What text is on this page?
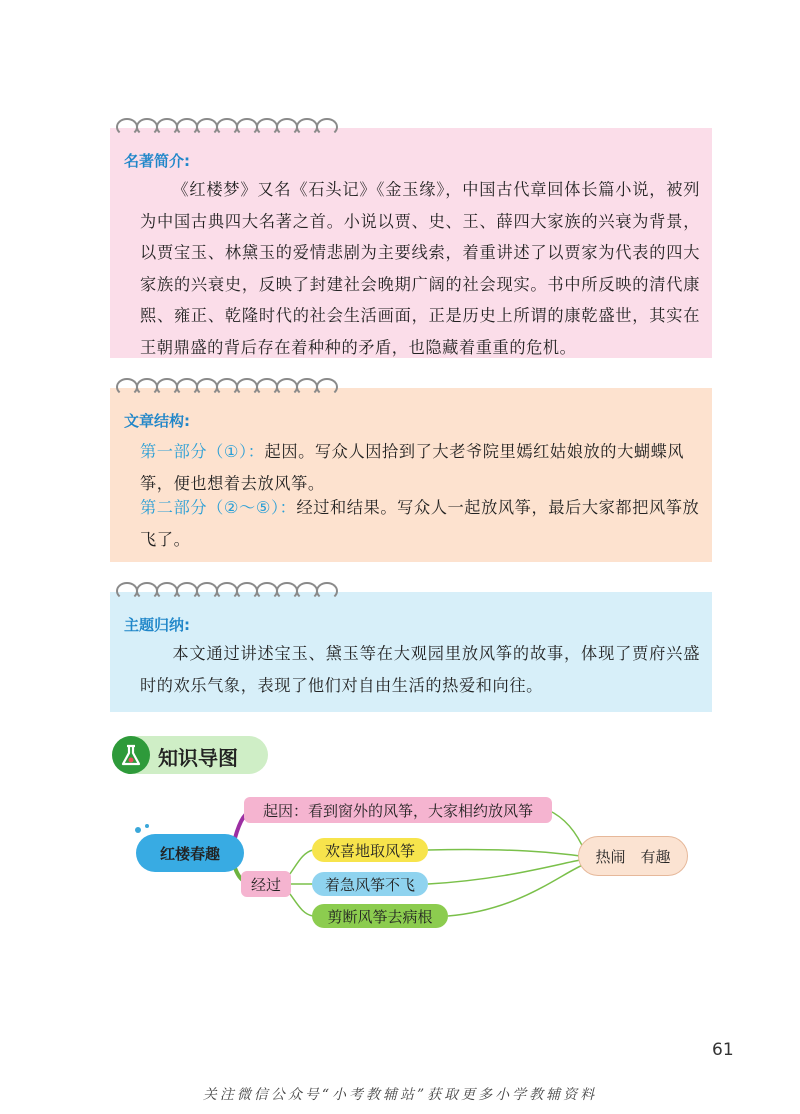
名著简介:
《红楼梦》又名《石头记》《金玉缘》，中国古代章回体长篇小说，被列为中国古典四大名著之首。小说以贾、史、王、薛四大家族的兴衰为背景，以贾宝玉、林黛玉的爱情悲剧为主要线索，着重讲述了以贾家为代表的四大家族的兴衰史，反映了封建社会晚期广阔的社会现实。书中所反映的清代康熙、雍正、乾隆时代的社会生活画面，正是历史上所谓的康乾盛世，其实在王朝鼎盛的背后存在着种种的矛盾，也隐藏着重重的危机。
文章结构:
第一部分（①）：起因。写众人因拾到了大老爷院里嫣红姑娘放的大蝴蝶风筝，便也想着去放风筝。
第二部分（②～⑤）：经过和结果。写众人一起放风筝，最后大家都把风筝放飞了。
主题归纳:
本文通过讲述宝玉、黛玉等在大观园里放风筝的故事，体现了贾府兴盛时的欢乐气象，表现了他们对自由生活的热爱和向往。
知识导图
红楼春趣
起因：看到窗外的风筝，大家相约放风筝
经过
欢喜地取风筝
着急风筝不飞
剪断风筝去病根
热闹　有趣
61
关注微信公众号“小考教辅站”获取更多小学教辅资料
